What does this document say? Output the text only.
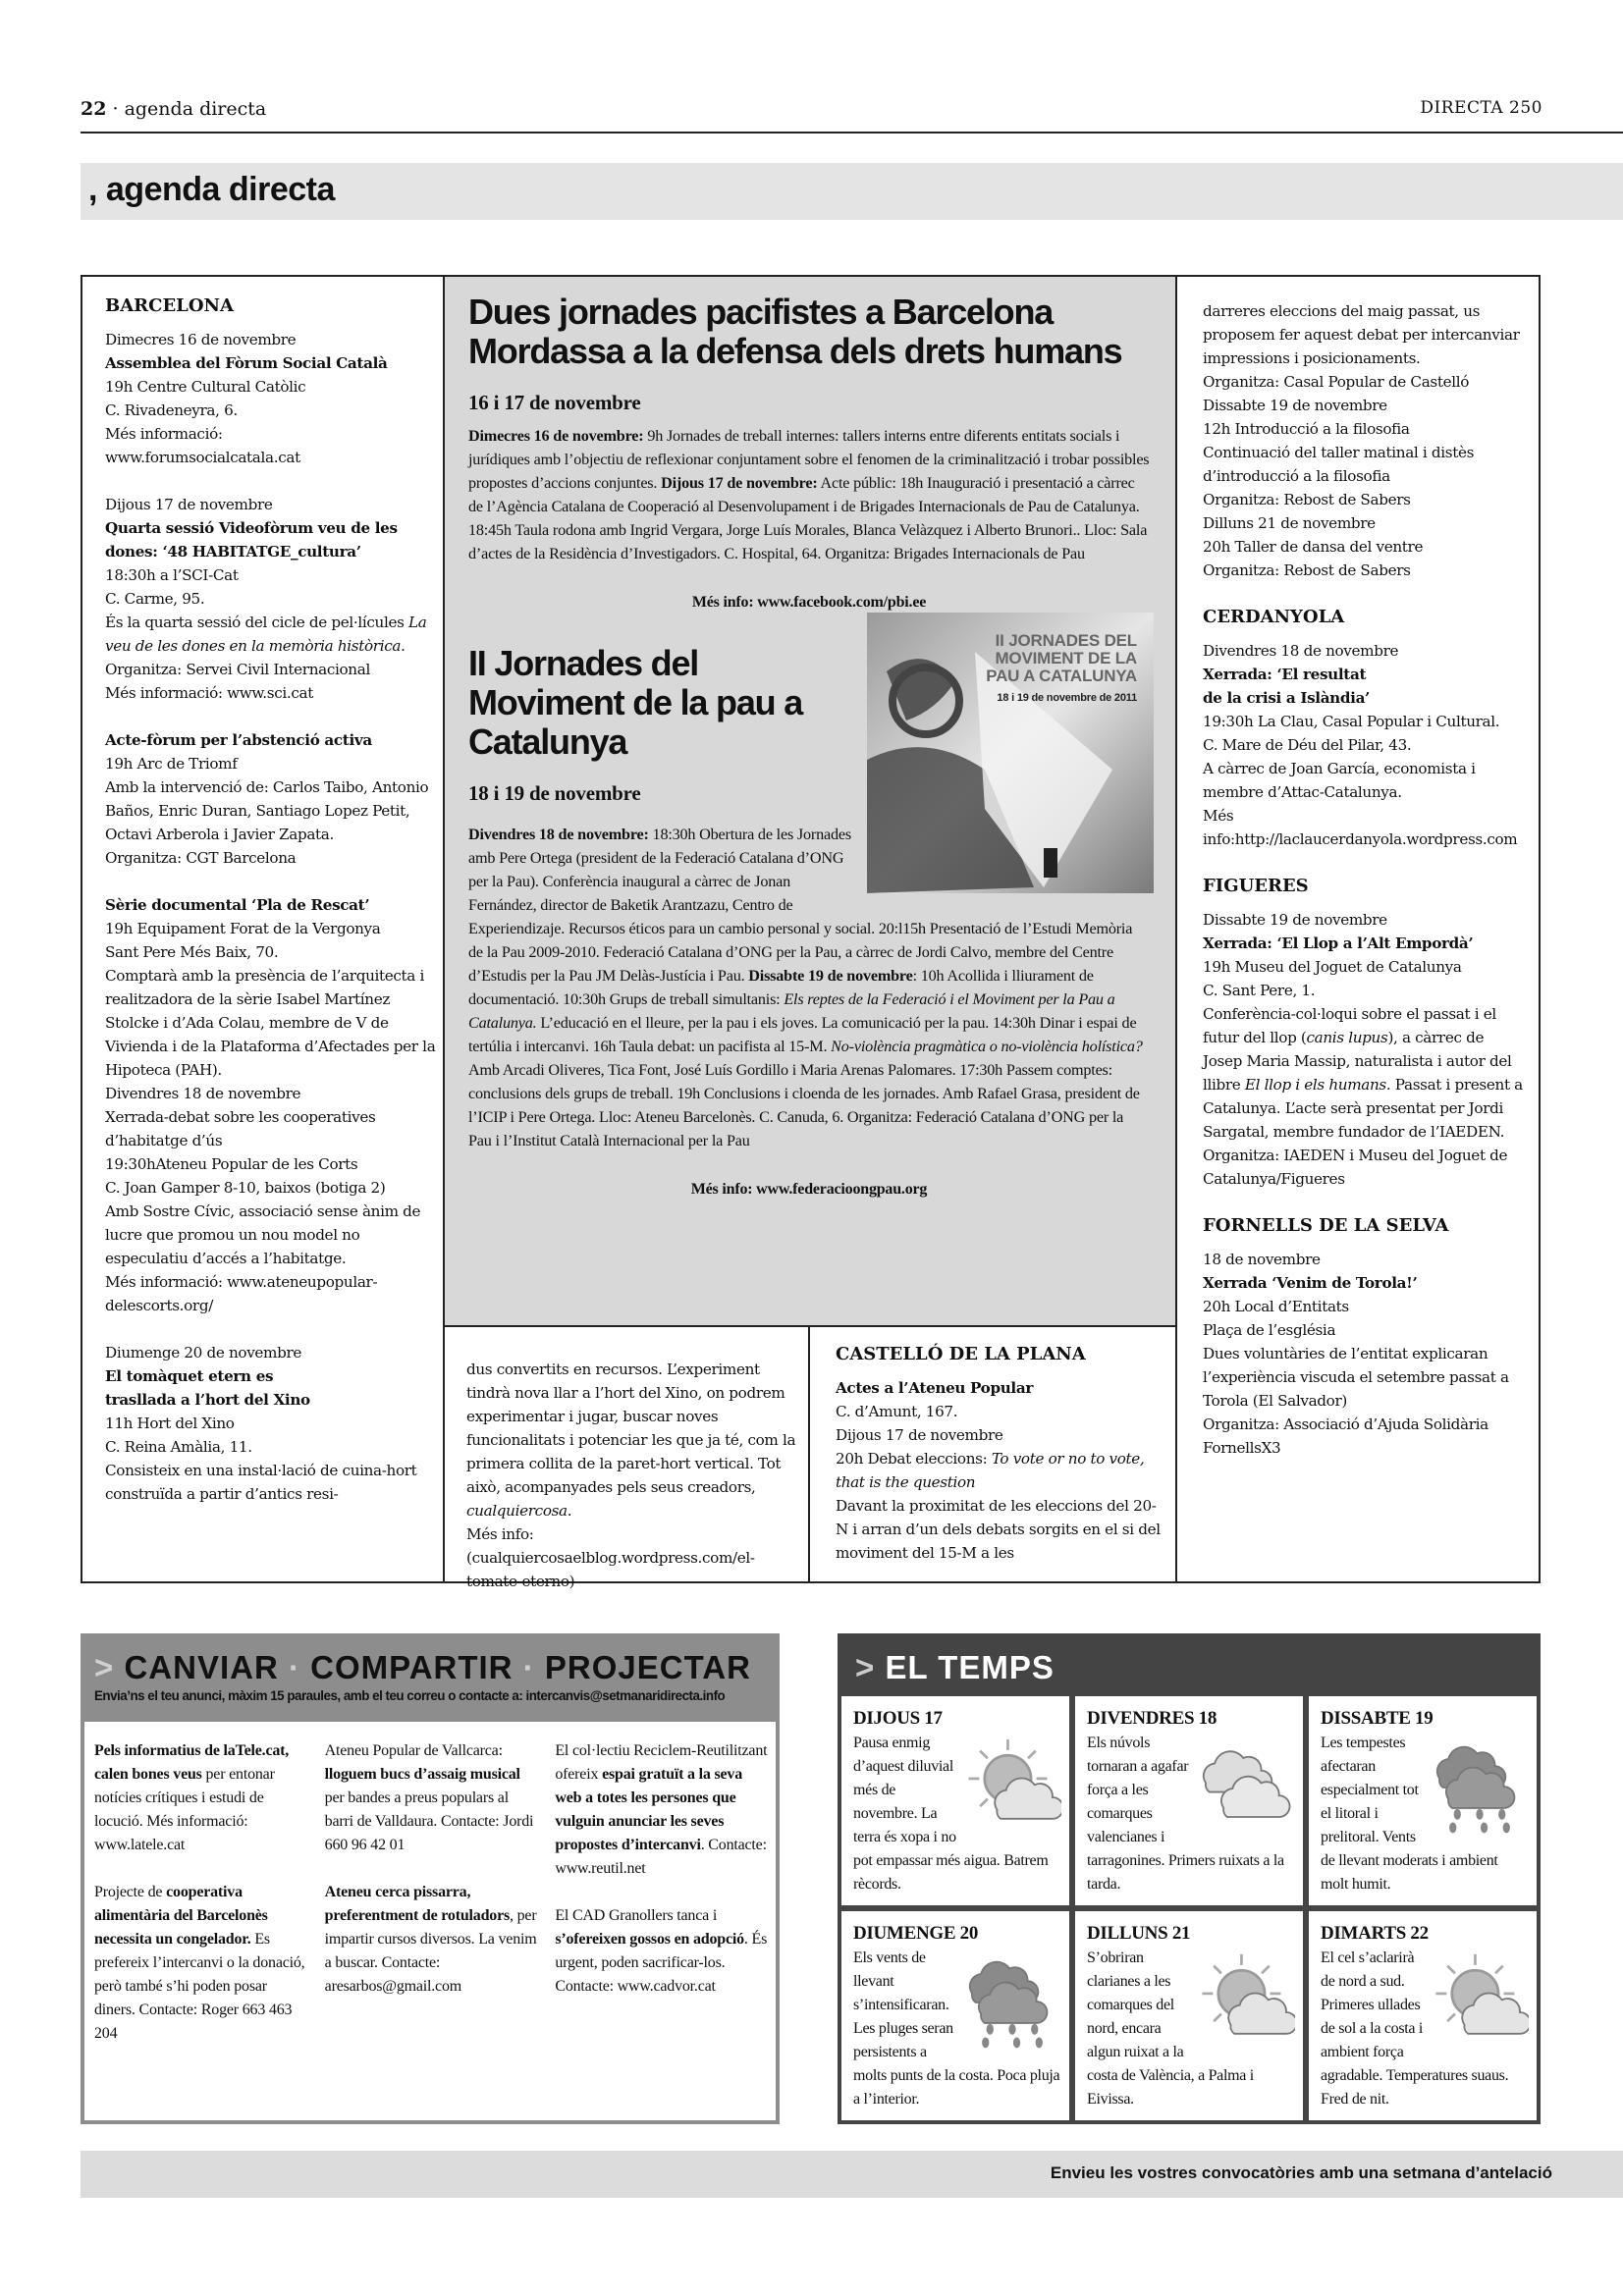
22 · agenda directa	DIRECTA 250
, agenda directa
BARCELONA
Dimecres 16 de novembre
Assemblea del Fòrum Social Català
19h Centre Cultural Catòlic
C. Rivadeneyra, 6.
Més informació:
www.forumsocialcatala.cat
Dijous 17 de novembre
Quarta sessió Videofòrum veu de les dones: ‘48 HABITATGE_cultura’
18:30h a l’SCI-Cat
C. Carme, 95.
És la quarta sessió del cicle de pel·lícules La veu de les dones en la memòria històrica.
Organitza: Servei Civil Internacional
Més informació: www.sci.cat
Acte-fòrum per l’abstenció activa
19h Arc de Triomf
Amb la intervenció de: Carlos Taibo, Antonio Baños, Enric Duran, Santiago Lopez Petit, Octavi Arberola i Javier Zapata.
Organitza: CGT Barcelona
Sèrie documental ‘Pla de Rescat’
19h Equipament Forat de la Vergonya
Sant Pere Més Baix, 70.
Comptarà amb la presència de l’arquitecta i realitzadora de la sèrie Isabel Martínez Stolcke i d’Ada Colau, membre de V de Vivienda i de la Plataforma d’Afectades per la Hipoteca (PAH).
Divendres 18 de novembre
Xerrada-debat sobre les cooperatives d’habitatge d’ús
19:30hAteneu Popular de les Corts
C. Joan Gamper 8-10, baixos (botiga 2)
Amb Sostre Cívic, associació sense ànim de lucre que promou un nou model no especulatiu d’accés a l’habitatge.
Més informació: www.ateneupopular-delescorts.org/
Diumenge 20 de novembre
El tomàquet etern es
trasllada a l’hort del Xino
11h Hort del Xino
C. Reina Amàlia, 11.
Consisteix en una instal·lació de cuina-hort construïda a partir d’antics resi-
darreres eleccions del maig passat, us proposem fer aquest debat per intercanviar impressions i posicionaments.
Organitza: Casal Popular de Castelló
Dissabte 19 de novembre
12h Introducció a la filosofia
Continuació del taller matinal i distès d’introducció a la filosofia
Organitza: Rebost de Sabers
Dilluns 21 de novembre
20h Taller de dansa del ventre
Organitza: Rebost de Sabers
CERDANYOLA
Divendres 18 de novembre
Xerrada: ‘El resultat
de la crisi a Islàndia’
19:30h La Clau, Casal Popular i Cultural.
C. Mare de Déu del Pilar, 43.
A càrrec de Joan García, economista i membre d’Attac-Catalunya.
Més info:http://laclaucerdanyola.wordpress.com
FIGUERES
Dissabte 19 de novembre
Xerrada: ‘El Llop a l’Alt Empordà’
19h Museu del Joguet de Catalunya
C. Sant Pere, 1.
Conferència-col·loqui sobre el passat i el futur del llop (canis lupus), a càrrec de Josep Maria Massip, naturalista i autor del llibre El llop i els humans. Passat i present a Catalunya. L’acte serà presentat per Jordi Sargatal, membre fundador de l’IAEDEN.
Organitza: IAEDEN i Museu del Joguet de Catalunya/Figueres
FORNELLS DE LA SELVA
18 de novembre
Xerrada ‘Venim de Torola!’
20h Local d’Entitats
Plaça de l’església
Dues voluntàries de l’entitat explicaran l’experiència viscuda el setembre passat a Torola (El Salvador)
Organitza: Associació d’Ajuda Solidària FornellsX3
Dues jornades pacifistes a Barcelona
Mordassa a la defensa dels drets humans
16 i 17 de novembre
Dimecres 16 de novembre: 9h Jornades de treball internes: tallers interns entre diferents entitats socials i jurídiques amb l’objectiu de reflexionar conjuntament sobre el fenomen de la criminalització i trobar possibles propostes d’accions conjuntes. Dijous 17 de novembre: Acte públic: 18h Inauguració i presentació a càrrec de l’Agència Catalana de Cooperació al Desenvolupament i de Brigades Internacionals de Pau de Catalunya. 18:45h Taula rodona amb Ingrid Vergara, Jorge Luís Morales, Blanca Velàzquez i Alberto Brunori.. Lloc: Sala d’actes de la Residència d’Investigadors. C. Hospital, 64. Organitza: Brigades Internacionals de Pau
Més info: www.facebook.com/pbi.ee
II JORNADES DEL
MOVIMENT DE LA
PAU A CATALUNYA
18 i 19 de novembre de 2011
II Jornades del
Moviment de la pau a
Catalunya
18 i 19 de novembre
Divendres 18 de novembre: 18:30h Obertura de les Jornades amb Pere Ortega (president de la Federació Catalana d’ONG per la Pau). Conferència inaugural a càrrec de Jonan Fernández, director de Baketik Arantzazu, Centro de Experiendizaje. Recursos éticos para un cambio personal y social. 20:l15h Presentació de l’Estudi Memòria de la Pau 2009-2010. Federació Catalana d’ONG per la Pau, a càrrec de Jordi Calvo, membre del Centre d’Estudis per la Pau JM Delàs-Justícia i Pau. Dissabte 19 de novembre: 10h Acollida i lliurament de documentació. 10:30h Grups de treball simultanis: Els reptes de la Federació i el Moviment per la Pau a Catalunya. L’educació en el lleure, per la pau i els joves. La comunicació per la pau. 14:30h Dinar i espai de tertúlia i intercanvi. 16h Taula debat: un pacifista al 15-M. No-violència pragmàtica o no-violència holística? Amb Arcadi Oliveres, Tica Font, José Luís Gordillo i Maria Arenas Palomares. 17:30h Passem comptes: conclusions dels grups de treball. 19h Conclusions i cloenda de les jornades. Amb Rafael Grasa, president de l’ICIP i Pere Ortega. Lloc: Ateneu Barcelonès. C. Canuda, 6. Organitza: Federació Catalana d’ONG per la Pau i l’Institut Català Internacional per la Pau
Més info: www.federacioongpau.org
dus convertits en recursos. L’experiment tindrà nova llar a l’hort del Xino, on podrem experimentar i jugar, buscar noves funcionalitats i potenciar les que ja té, com la primera collita de la paret-hort vertical. Tot això, acompanyades pels seus creadors, cualquiercosa.
Més info:(cualquiercosaelblog.wordpress.com/el-tomate-eterno)
CASTELLÓ DE LA PLANA
Actes a l’Ateneu Popular
C. d’Amunt, 167.
Dijous 17 de novembre
20h Debat eleccions: To vote or no to vote, that is the question
Davant la proximitat de les eleccions del 20-N i arran d’un dels debats sorgits en el si del moviment del 15-M a les
> CANVIAR · COMPARTIR · PROJECTAR
Envia’ns el teu anunci, màxim 15 paraules, amb el teu correu o contacte a: intercanvis@setmanaridirecta.info
Pels informatius de laTele.cat, calen bones veus per entonar notícies crítiques i estudi de locució. Més informació: www.latele.cat
Projecte de cooperativa alimentària del Barcelonès necessita un congelador. Es prefereix l’intercanvi o la donació, però també s’hi poden posar diners. Contacte: Roger 663 463 204
Ateneu Popular de Vallcarca: lloguem bucs d’assaig musical per bandes a preus populars al barri de Valldaura. Contacte: Jordi 660 96 42 01
Ateneu cerca pissarra, preferentment de rotuladors, per impartir cursos diversos. La venim a buscar. Contacte: aresarbos@gmail.com
El col·lectiu Reciclem-Reutilitzant ofereix espai gratuït a la seva web a totes les persones que vulguin anunciar les seves propostes d’intercanvi. Contacte: www.reutil.net
El CAD Granollers tanca i s’ofereixen gossos en adopció. És urgent, poden sacrificar-los. Contacte: www.cadvor.cat
> EL TEMPS
DIJOUS 17
Pausa enmig d’aquest diluvial més de novembre. La terra és xopa i no pot empassar més aigua. Batrem rècords.
DIVENDRES 18
Els núvols tornaran a agafar força a les comarques valencianes i tarragonines. Primers ruixats a la tarda.
DISSABTE 19
Les tempestes afectaran especialment tot el litoral i prelitoral. Vents de llevant moderats i ambient molt humit.
DIUMENGE 20
Els vents de llevant s’intensificaran. Les pluges seran persistents a molts punts de la costa. Poca pluja a l’interior.
DILLUNS 21
S’obriran clarianes a les comarques del nord, encara algun ruixat a la costa de València, a Palma i Eivissa.
DIMARTS 22
El cel s’aclarirà de nord a sud. Primeres ullades de sol a la costa i ambient força agradable. Temperatures suaus. Fred de nit.
Envieu les vostres convocatòries amb una setmana d’antelació
